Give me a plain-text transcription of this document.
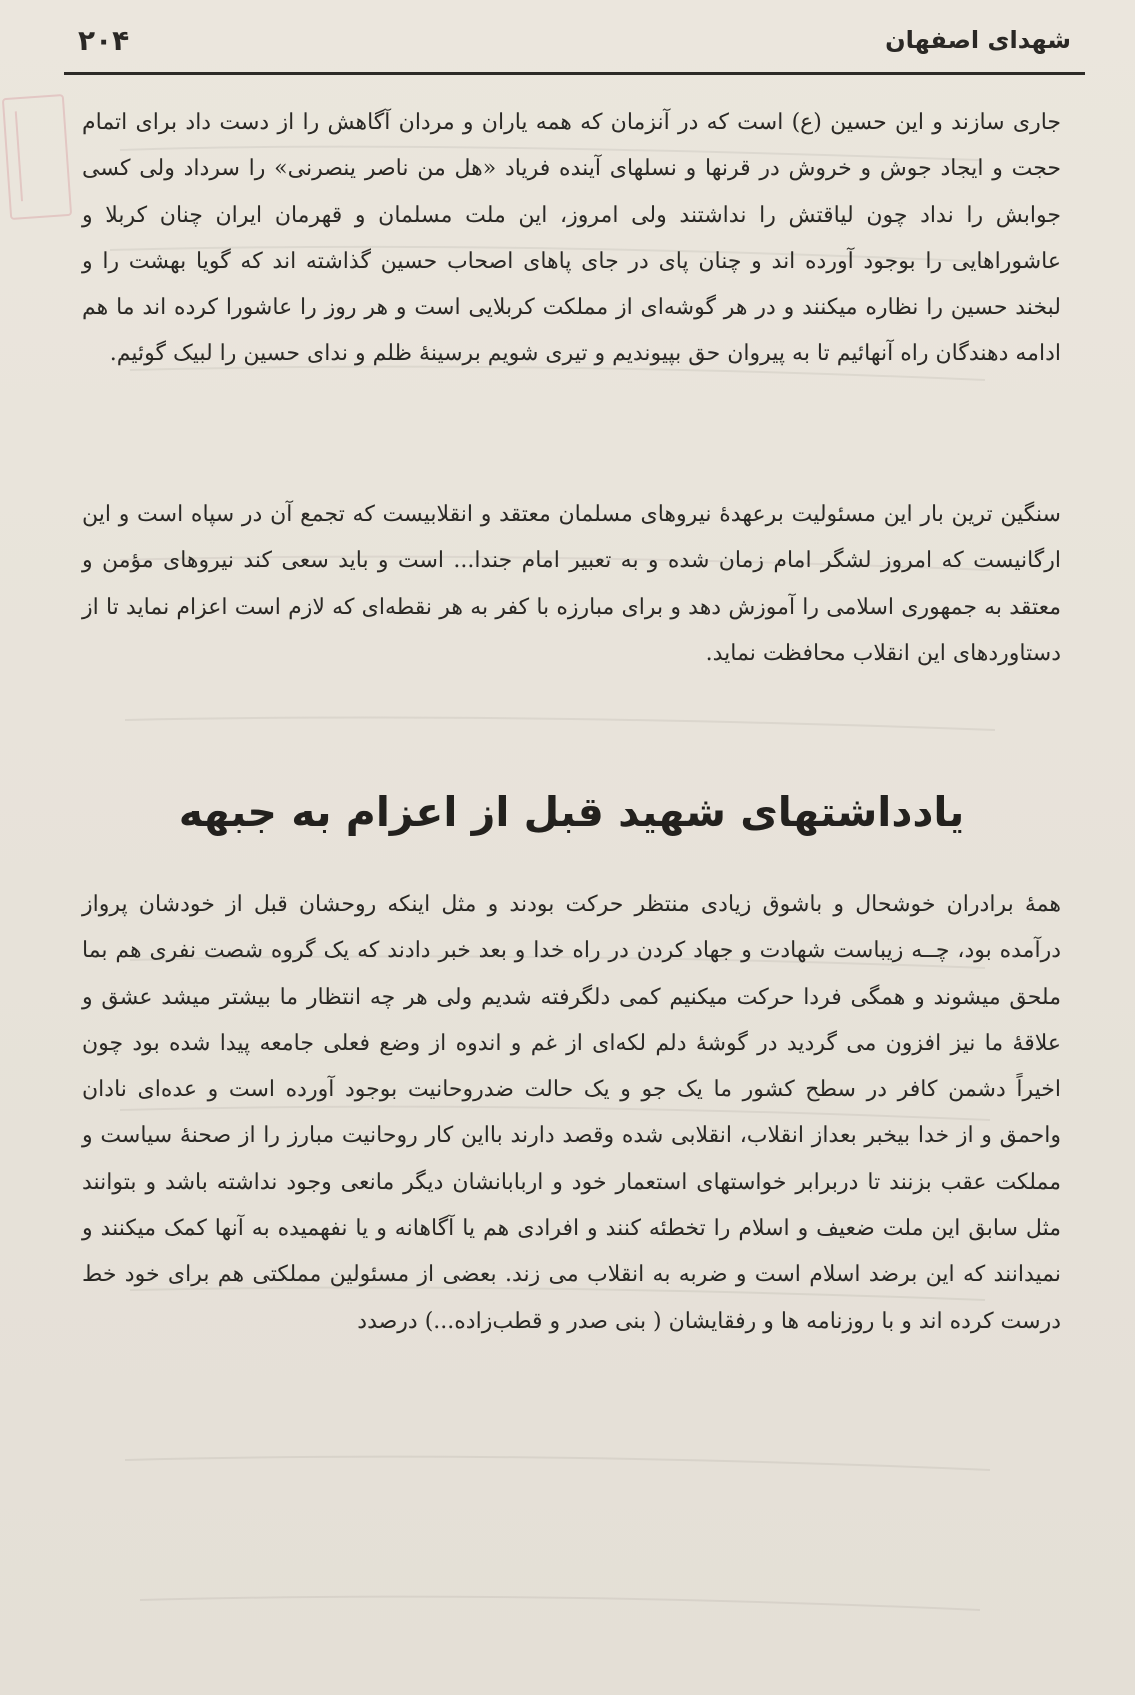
شهدای اصفهان
۲۰۴

جاری سازند و این حسین (ع) است که در آنزمان که همه یاران و مردان آگاهش را از دست داد برای اتمام حجت و ایجاد جوش و خروش در قرنها و نسلهای آینده فریاد «هل من ناصر ینصرنی» را سرداد ولی کسی جوابش را نداد چون لیاقتش را نداشتند ولی امروز، این ملت مسلمان و قهرمان ایران چنان کربلا و عاشوراهایی را بوجود آورده اند و چنان پای در جای پاهای اصحاب حسین گذاشته اند که گویا بهشت را و لبخند حسین را نظاره میکنند و در هر گوشه‌ای از مملکت کربلایی است و هر روز را عاشورا کرده اند ما هم ادامه دهندگان راه آنهائیم تا به پیروان حق بپیوندیم و تیری شویم برسینهٔ ظلم و ندای حسین را لبیک گوئیم.

سنگین ترین بار این مسئولیت برعهدهٔ نیروهای مسلمان معتقد و انقلابیست که تجمع آن در سپاه است و این ارگانیست که امروز لشگر امام زمان شده و به تعبیر امام جندا... است و باید سعی کند نیروهای مؤمن و معتقد به جمهوری اسلامی را آموزش دهد و برای مبارزه با کفر به هر نقطه‌ای که لازم است اعزام نماید تا از دستاوردهای این انقلاب محافظت نماید.

یادداشتهای شهید قبل از اعزام به جبهه

همهٔ برادران خوشحال و باشوق زیادی منتظر حرکت بودند و مثل اینکه روحشان قبل از خودشان پرواز درآمده بود، چــه زیباست شهادت و جهاد کردن در راه خدا و بعد خبر دادند که یک گروه شصت نفری هم بما ملحق میشوند و همگی فردا حرکت میکنیم کمی دلگرفته شدیم ولی هر چه انتظار ما بیشتر میشد عشق و علاقهٔ ما نیز افزون می گردید در گوشهٔ دلم لکه‌ای از غم و اندوه از وضع فعلی جامعه پیدا شده بود چون اخیراً دشمن کافر در سطح کشور ما یک جو و یک حالت ضدروحانیت بوجود آورده است و عده‌ای نادان واحمق و از خدا بیخبر بعداز انقلاب، انقلابی شده وقصد دارند بااین کار روحانیت مبارز را از صحنهٔ سیاست و مملکت عقب بزنند تا دربرابر خواستهای استعمار خود و اربابانشان دیگر مانعی وجود نداشته باشد و بتوانند مثل سابق این ملت ضعیف و اسلام را تخطئه کنند و افرادی هم یا آگاهانه و یا نفهمیده به آنها کمک میکنند و نمیدانند که این برضد اسلام است و ضربه به انقلاب می زند. بعضی از مسئولین مملکتی هم برای خود خط درست کرده اند و با روزنامه ها و رفقایشان ( بنی صدر و قطب‌زاده...) درصدد
